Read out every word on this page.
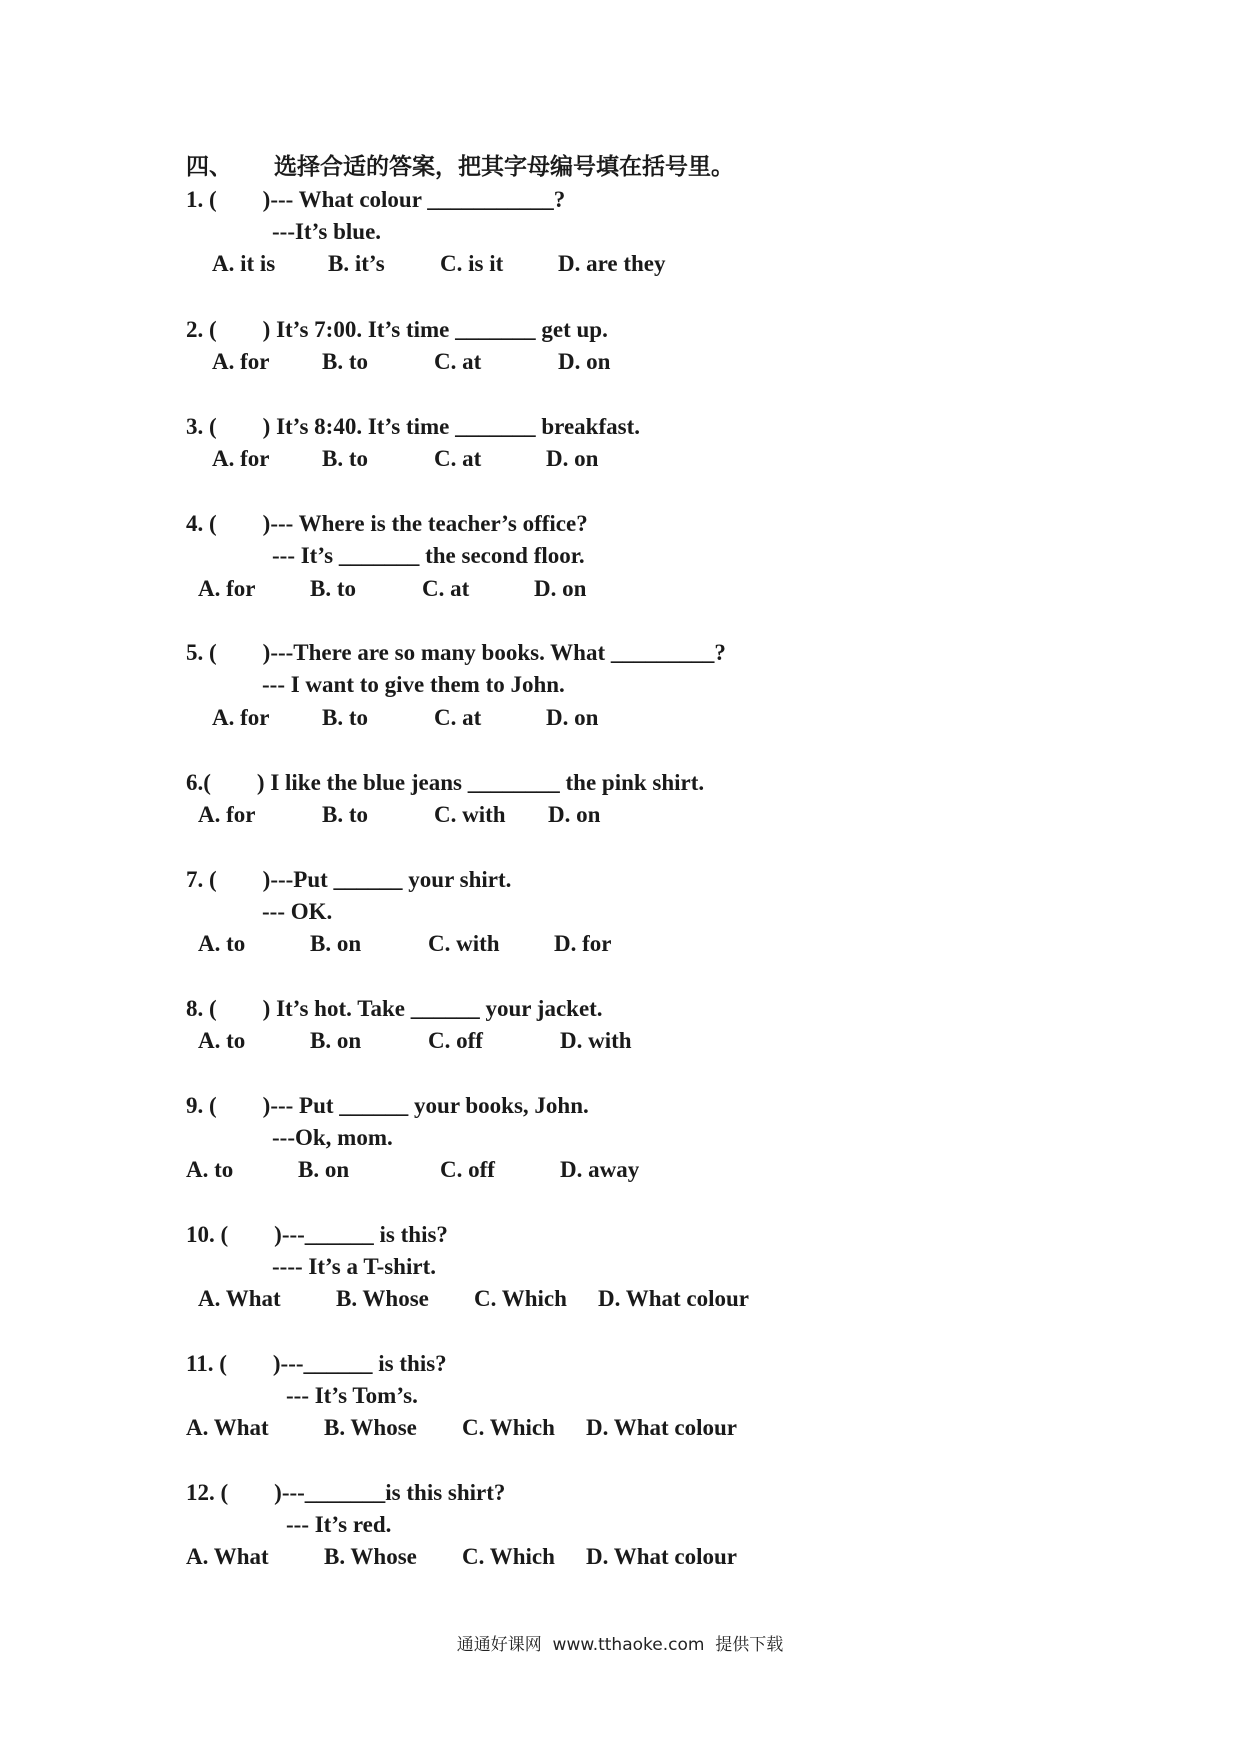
四、 选择合适的答案，把其字母编号填在括号里。
1. (        )--- What colour ___________?
---It’s blue.
A. it is B. it’s C. is it D. are they
2. (        ) It’s 7:00. It’s time _______ get up.
A. for B. to	C. at	D. on
3. (        ) It’s 8:40. It’s time _______ breakfast.
A. for B. to	C. at	D. on
4. (        )--- Where is the teacher’s office?
--- It’s _______ the second floor.
A. for B. to	C. at	D. on
5. (        )---There are so many books. What _________?
--- I want to give them to John.
A. for B. to	C. at	D. on
6.(        ) I like the blue jeans ________ the pink shirt.
A. for	B. to	C. with D. on
7. (        )---Put ______ your shirt.
--- OK.
A. to	B. on	C. with D. for
8. (        ) It’s hot. Take ______ your jacket.
A. to	B. on	C. off	D. with
9. (        )--- Put ______ your books, John.
---Ok, mom.
A. to	B. on	C. off	D. away
10. (        )---______ is this?
---- It’s a T-shirt.
A. What B. Whose C. Which D. What colour
11. (        )---______ is this?
--- It’s Tom’s.
A. What B. Whose C. Which D. What colour
12. (        )---_______is this shirt?
--- It’s red.
A. What B. Whose C. Which D. What colour
通通好课网 www.tthaoke.com 提供下载
